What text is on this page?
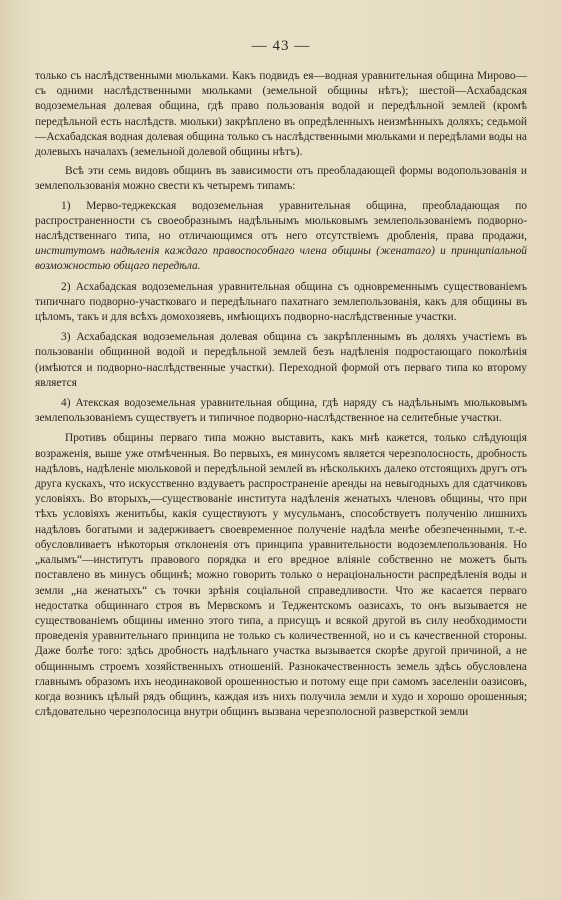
— 43 —

только съ наслѣдственными мюльками. Какъ подвидъ ея—водная уравнительная община Мирово—съ одними наслѣдственными мюльками (земельной общины нѣтъ); шестой—Асхабадская водоземельная долевая община, гдѣ право пользованія водой и передѣльной землей (кромѣ передѣльной есть наслѣдств. мюльки) закрѣплено въ опредѣленныхъ неизмѣнныхъ доляхъ; седьмой—Асхабадская водная долевая община только съ наслѣдственными мюльками и передѣлами воды на долевыхъ началахъ (земельной долевой общины нѣтъ).

Всѣ эти семь видовъ общинъ въ зависимости отъ преобладающей формы водопользованія и землепользованія можно свести къ четыремъ типамъ:

1) Мерво-теджекская водоземельная уравнительная община, преобладающая по распространенности съ своеобразнымъ надѣльнымъ мюльковымъ землепользованіемъ подворно-наслѣдственнаго типа, но отличающимся отъ него отсутствіемъ дробленія, права продажи, институтомъ надѣленія каждаго правоспособнаго члена общины (женатаго) и принципіальной возможностью общаго передѣла.

2) Асхабадская водоземельная уравнительная община съ одновременнымъ существованіемъ типичнаго подворно-участковаго и передѣльнаго пахатнаго землепользованія, какъ для общины въ цѣломъ, такъ и для всѣхъ домохозяевъ, имѣющихъ подворно-наслѣдственные участки.

3) Асхабадская водоземельная долевая община съ закрѣпленнымъ въ доляхъ участіемъ въ пользованіи общинной водой и передѣльной землей безъ надѣленія подростающаго поколѣнія (имѣются и подворно-наслѣдственные участки). Переходной формой отъ перваго типа ко второму является

4) Атекская водоземельная уравнительная община, гдѣ наряду съ надѣльнымъ мюльковымъ землепользованіемъ существуетъ и типичное подворно-наслѣдственное на селитебные участки.

Противъ общины перваго типа можно выставить, какъ мнѣ кажется, только слѣдующія возраженія, выше уже отмѣченныя. Во первыхъ, ея минусомъ является черезполосность, дробность надѣловъ, надѣленіе мюльковой и передѣльной землей въ нѣсколькихъ далеко отстоящихъ другъ отъ друга кускахъ, что искусственно вздуваетъ распространеніе аренды на невыгодныхъ для сдатчиковъ условіяхъ. Во вторыхъ,—существованіе института надѣленія женатыхъ членовъ общины, что при тѣхъ условіяхъ женитьбы, какія существуютъ у мусульманъ, способствуетъ полученію лишнихъ надѣловъ богатыми и задерживаетъ своевременное полученіе надѣла менѣе обезпеченными, т.-е. обусловливаетъ нѣкоторыя отклоненія отъ принципа уравнительности водоземлепользованія. Но „калымъ“—институтъ правового порядка и его вредное вліяніе собственно не можетъ быть поставлено въ минусъ общинѣ; можно говорить только о нераціональности распредѣленія воды и земли „на женатыхъ“ съ точки зрѣнія соціальной справедливости. Что же касается перваго недостатка общиннаго строя въ Мервскомъ и Теджентскомъ оазисахъ, то онъ вызывается не существованіемъ общины именно этого типа, а присущъ и всякой другой въ силу необходимости проведенія уравнительнаго принципа не только съ количественной, но и съ качественной стороны. Даже болѣе того: здѣсь дробность надѣльнаго участка вызывается скорѣе другой причиной, а не общиннымъ строемъ хозяйственныхъ отношеній. Разнокачественность земель здѣсь обусловлена главнымъ образомъ ихъ неодинаковой орошенностью и потому еще при самомъ заселеніи оазисовъ, когда возникъ цѣлый рядъ общинъ, каждая изъ нихъ получила земли и худо и хорошо орошенныя; слѣдовательно черезполосица внутри общинъ вызвана черезполосной разверсткой земли
